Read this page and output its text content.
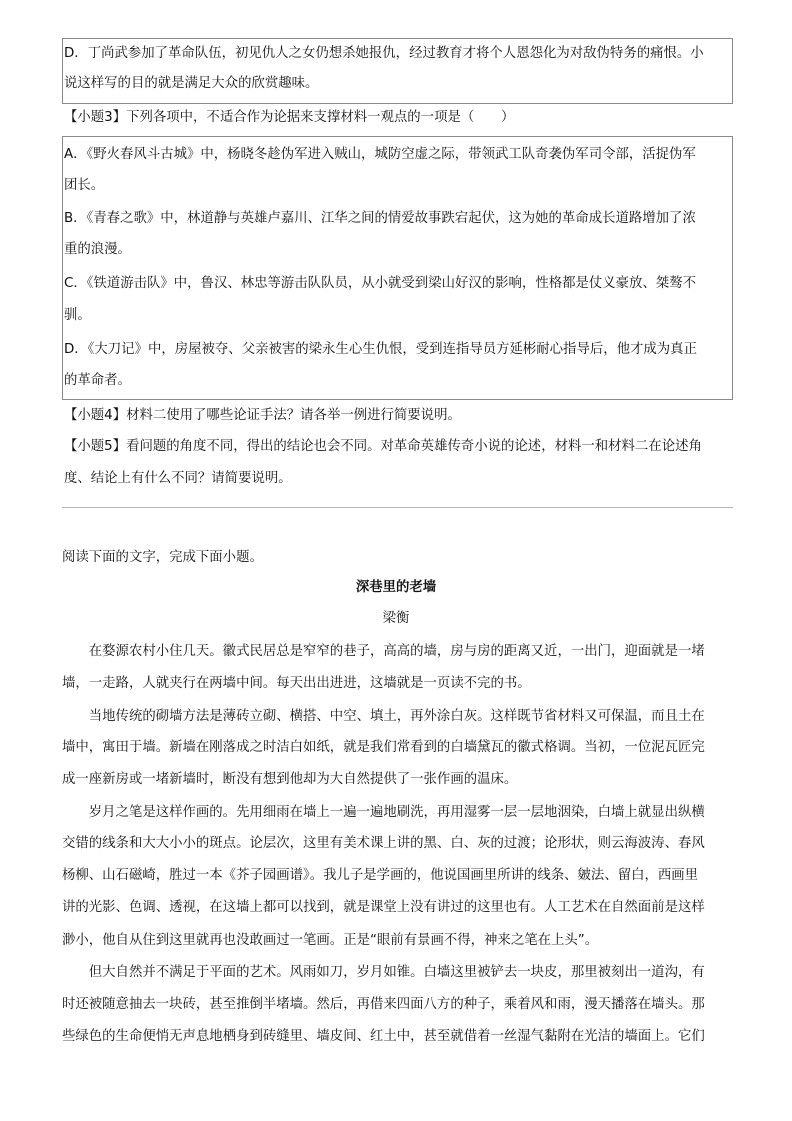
D．丁尚武参加了革命队伍，初见仇人之女仍想杀她报仇，经过教育才将个人恩怨化为对敌伪特务的痛恨。小
说这样写的目的就是满足大众的欣赏趣味。
【小题3】下列各项中，不适合作为论据来支撑材料一观点的一项是（　　）
A．《野火春风斗古城》中，杨晓冬趁伪军进入贼山，城防空虚之际，带领武工队奇袭伪军司令部，活捉伪军
团长。
B．《青春之歌》中，林道静与英雄卢嘉川、江华之间的情爱故事跌宕起伏，这为她的革命成长道路增加了浓
重的浪漫。
C．《铁道游击队》中，鲁汉、林忠等游击队队员，从小就受到梁山好汉的影响，性格都是仗义豪放、桀骜不
驯。
D．《大刀记》中，房屋被夺、父亲被害的梁永生心生仇恨，受到连指导员方延彬耐心指导后，他才成为真正
的革命者。
【小题4】材料二使用了哪些论证手法？请各举一例进行简要说明。
【小题5】看问题的角度不同，得出的结论也会不同。对革命英雄传奇小说的论述，材料一和材料二在论述角
度、结论上有什么不同？请简要说明。
阅读下面的文字，完成下面小题。
深巷里的老墙
梁衡
　　在婺源农村小住几天。徽式民居总是窄窄的巷子，高高的墙，房与房的距离又近，一出门，迎面就是一堵
墙，一走路，人就夹行在两墙中间。每天出出进进，这墙就是一页读不完的书。
　　当地传统的砌墙方法是薄砖立砌、横搭、中空、填土，再外涂白灰。这样既节省材料又可保温，而且土在
墙中，寓田于墙。新墙在刚落成之时洁白如纸，就是我们常看到的白墙黛瓦的徽式格调。当初，一位泥瓦匠完
成一座新房或一堵新墙时，断没有想到他却为大自然提供了一张作画的温床。
　　岁月之笔是这样作画的。先用细雨在墙上一遍一遍地刷洗，再用湿雾一层一层地洇染，白墙上就显出纵横
交错的线条和大大小小的斑点。论层次，这里有美术课上讲的黑、白、灰的过渡；论形状，则云海波涛、春风
杨柳、山石磁崎，胜过一本《芥子园画谱》。我儿子是学画的，他说国画里所讲的线条、皴法、留白，西画里
讲的光影、色调、透视，在这墙上都可以找到，就是课堂上没有讲过的这里也有。人工艺术在自然面前是这样
渺小，他自从住到这里就再也没敢画过一笔画。正是“眼前有景画不得，神来之笔在上头”。
　　但大自然并不满足于平面的艺术。风雨如刀，岁月如锥。白墙这里被铲去一块皮，那里被刻出一道沟，有
时还被随意抽去一块砖，甚至推倒半堵墙。然后，再借来四面八方的种子，乘着风和雨，漫天播落在墙头。那
些绿色的生命便悄无声息地栖身到砖缝里、墙皮间、红土中，甚至就借着一丝湿气黏附在光洁的墙面上。它们
